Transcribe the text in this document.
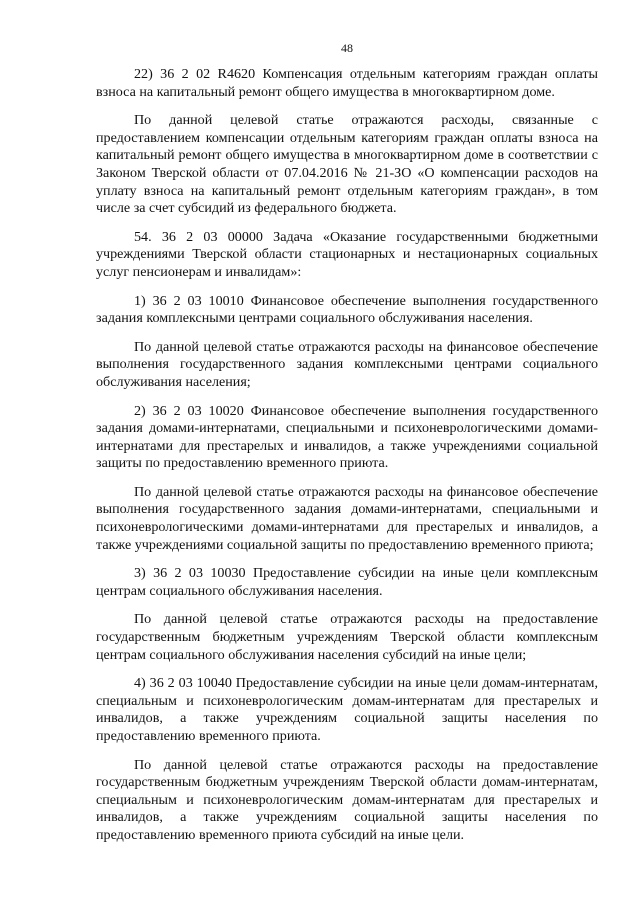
48

22) 36 2 02 R4620 Компенсация отдельным категориям граждан оплаты взноса на капитальный ремонт общего имущества в многоквартирном доме.

По данной целевой статье отражаются расходы, связанные с предоставлением компенсации отдельным категориям граждан оплаты взноса на капитальный ремонт общего имущества в многоквартирном доме в соответствии с Законом Тверской области от 07.04.2016 № 21-ЗО «О компенсации расходов на уплату взноса на капитальный ремонт отдельным категориям граждан», в том числе за счет субсидий из федерального бюджета.

54. 36 2 03 00000 Задача «Оказание государственными бюджетными учреждениями Тверской области стационарных и нестационарных социальных услуг пенсионерам и инвалидам»:

1) 36 2 03 10010 Финансовое обеспечение выполнения государственного задания комплексными центрами социального обслуживания населения.

По данной целевой статье отражаются расходы на финансовое обеспечение выполнения государственного задания комплексными центрами социального обслуживания населения;

2) 36 2 03 10020 Финансовое обеспечение выполнения государственного задания домами-интернатами, специальными и психоневрологическими домами-интернатами для престарелых и инвалидов, а также учреждениями социальной защиты по предоставлению временного приюта.

По данной целевой статье отражаются расходы на финансовое обеспечение выполнения государственного задания домами-интернатами, специальными и психоневрологическими домами-интернатами для престарелых и инвалидов, а также учреждениями социальной защиты по предоставлению временного приюта;

3) 36 2 03 10030 Предоставление субсидии на иные цели комплексным центрам социального обслуживания населения.

По данной целевой статье отражаются расходы на предоставление государственным бюджетным учреждениям Тверской области комплексным центрам социального обслуживания населения субсидий на иные цели;

4) 36 2 03 10040 Предоставление субсидии на иные цели домам-интернатам, специальным и психоневрологическим домам-интернатам для престарелых и инвалидов, а также учреждениям социальной защиты населения по предоставлению временного приюта.

По данной целевой статье отражаются расходы на предоставление государственным бюджетным учреждениям Тверской области домам-интернатам, специальным и психоневрологическим домам-интернатам для престарелых и инвалидов, а также учреждениям социальной защиты населения по предоставлению временного приюта субсидий на иные цели.
